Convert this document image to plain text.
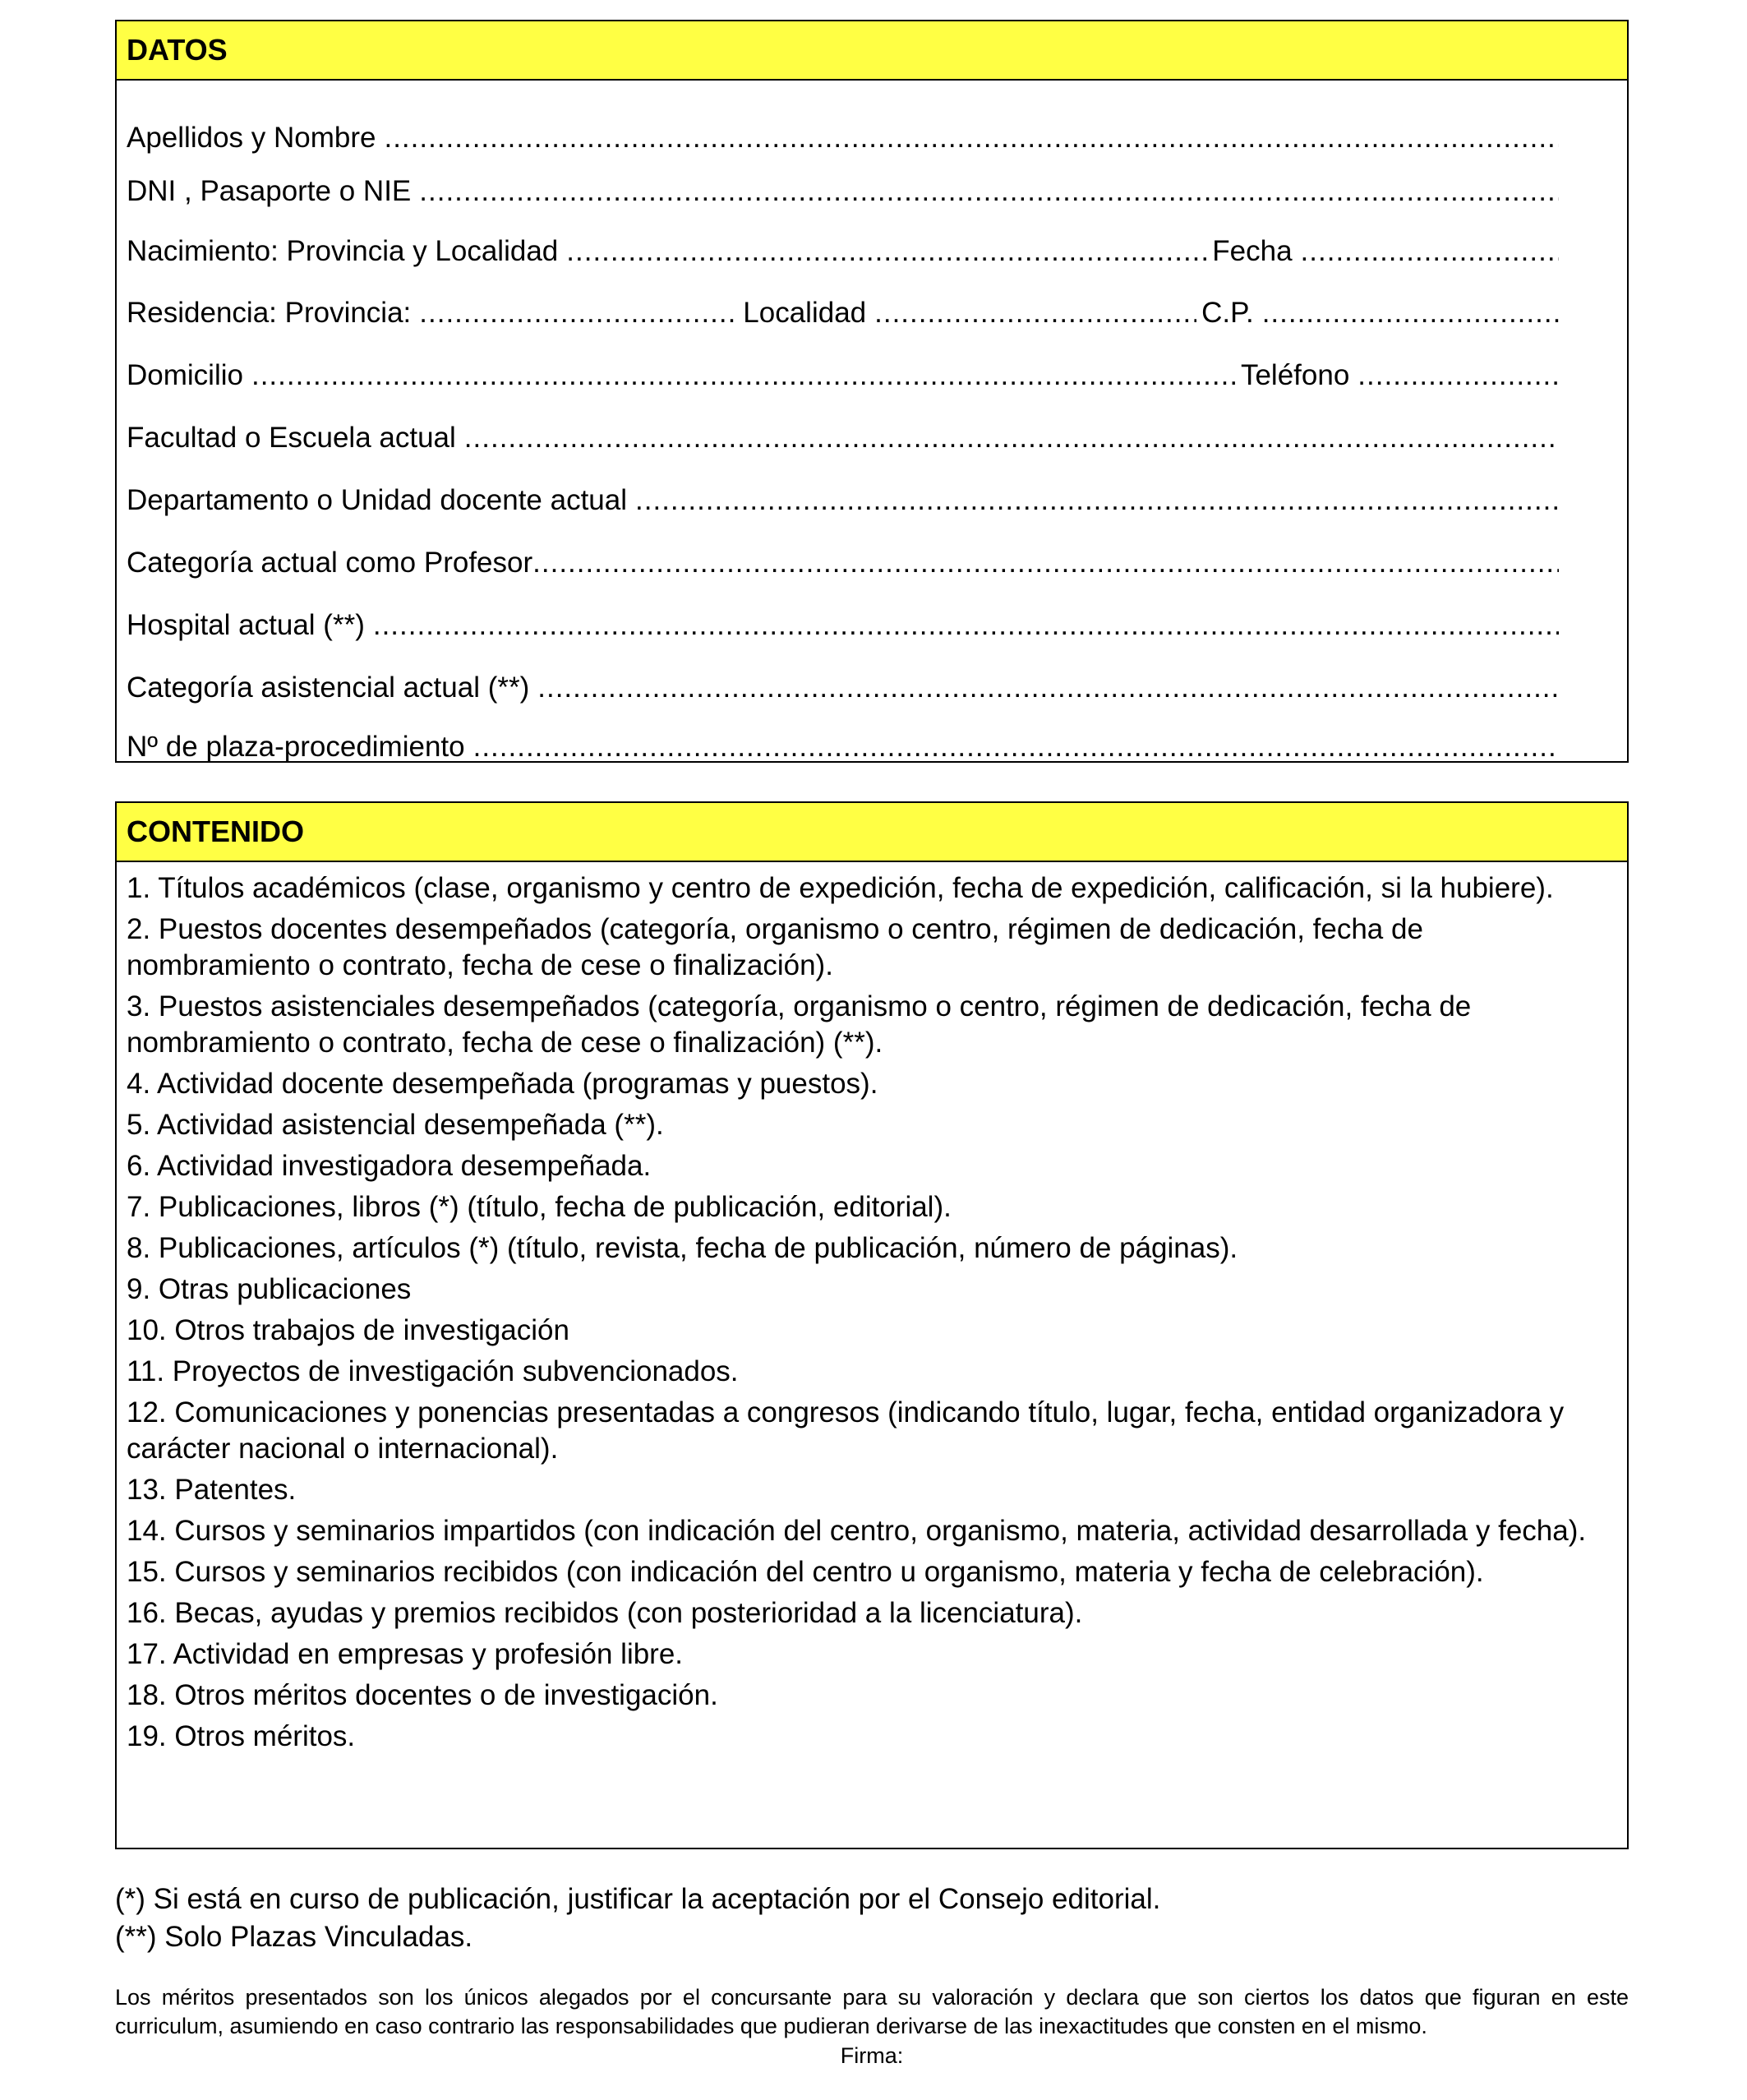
DATOS
Apellidos y Nombre
.....
DNI , Pasaporte o NIE
.....
Nacimiento: Provincia y Localidad .....	Fecha
.....
Residencia: Provincia: .....	Localidad .....	C.P.
.....
Domicilio .....	Teléfono
.....
Facultad o Escuela actual
.....
Departamento o Unidad docente actual
.....
Categoría actual como Profesor
.....
Hospital actual (**)
.....
Categoría asistencial actual (**)
.....
Nº de plaza-procedimiento
.....
CONTENIDO
1. Títulos académicos (clase, organismo y centro de expedición, fecha de expedición, calificación, si la hubiere).
2. Puestos docentes desempeñados (categoría, organismo o centro, régimen de dedicación, fecha de nombramiento o contrato, fecha de cese o finalización).
3. Puestos asistenciales desempeñados (categoría, organismo o centro, régimen de dedicación, fecha de nombramiento o contrato, fecha de cese o finalización) (**).
4. Actividad docente desempeñada (programas y puestos).
5. Actividad asistencial desempeñada (**).
6. Actividad investigadora desempeñada.
7. Publicaciones, libros (*) (título, fecha de publicación, editorial).
8. Publicaciones, artículos (*) (título, revista, fecha de publicación, número de páginas).
9. Otras publicaciones
10. Otros trabajos de investigación
11. Proyectos de investigación subvencionados.
12. Comunicaciones y ponencias presentadas a congresos (indicando título, lugar, fecha, entidad organizadora y carácter nacional o internacional).
13. Patentes.
14. Cursos y seminarios impartidos (con indicación del centro, organismo, materia, actividad desarrollada y fecha).
15. Cursos y seminarios recibidos (con indicación del centro u organismo, materia y fecha de celebración).
16. Becas, ayudas y premios recibidos (con posterioridad a la licenciatura).
17. Actividad en empresas y profesión libre.
18. Otros méritos docentes o de investigación.
19. Otros méritos.
(*) Si está en curso de publicación, justificar la aceptación por el Consejo editorial.
(**) Solo Plazas Vinculadas.
Los méritos presentados son los únicos alegados por el concursante para su valoración y declara que son ciertos los datos que figuran en este curriculum, asumiendo en caso contrario las responsabilidades que pudieran derivarse de las inexactitudes que consten en el mismo.
Firma:
